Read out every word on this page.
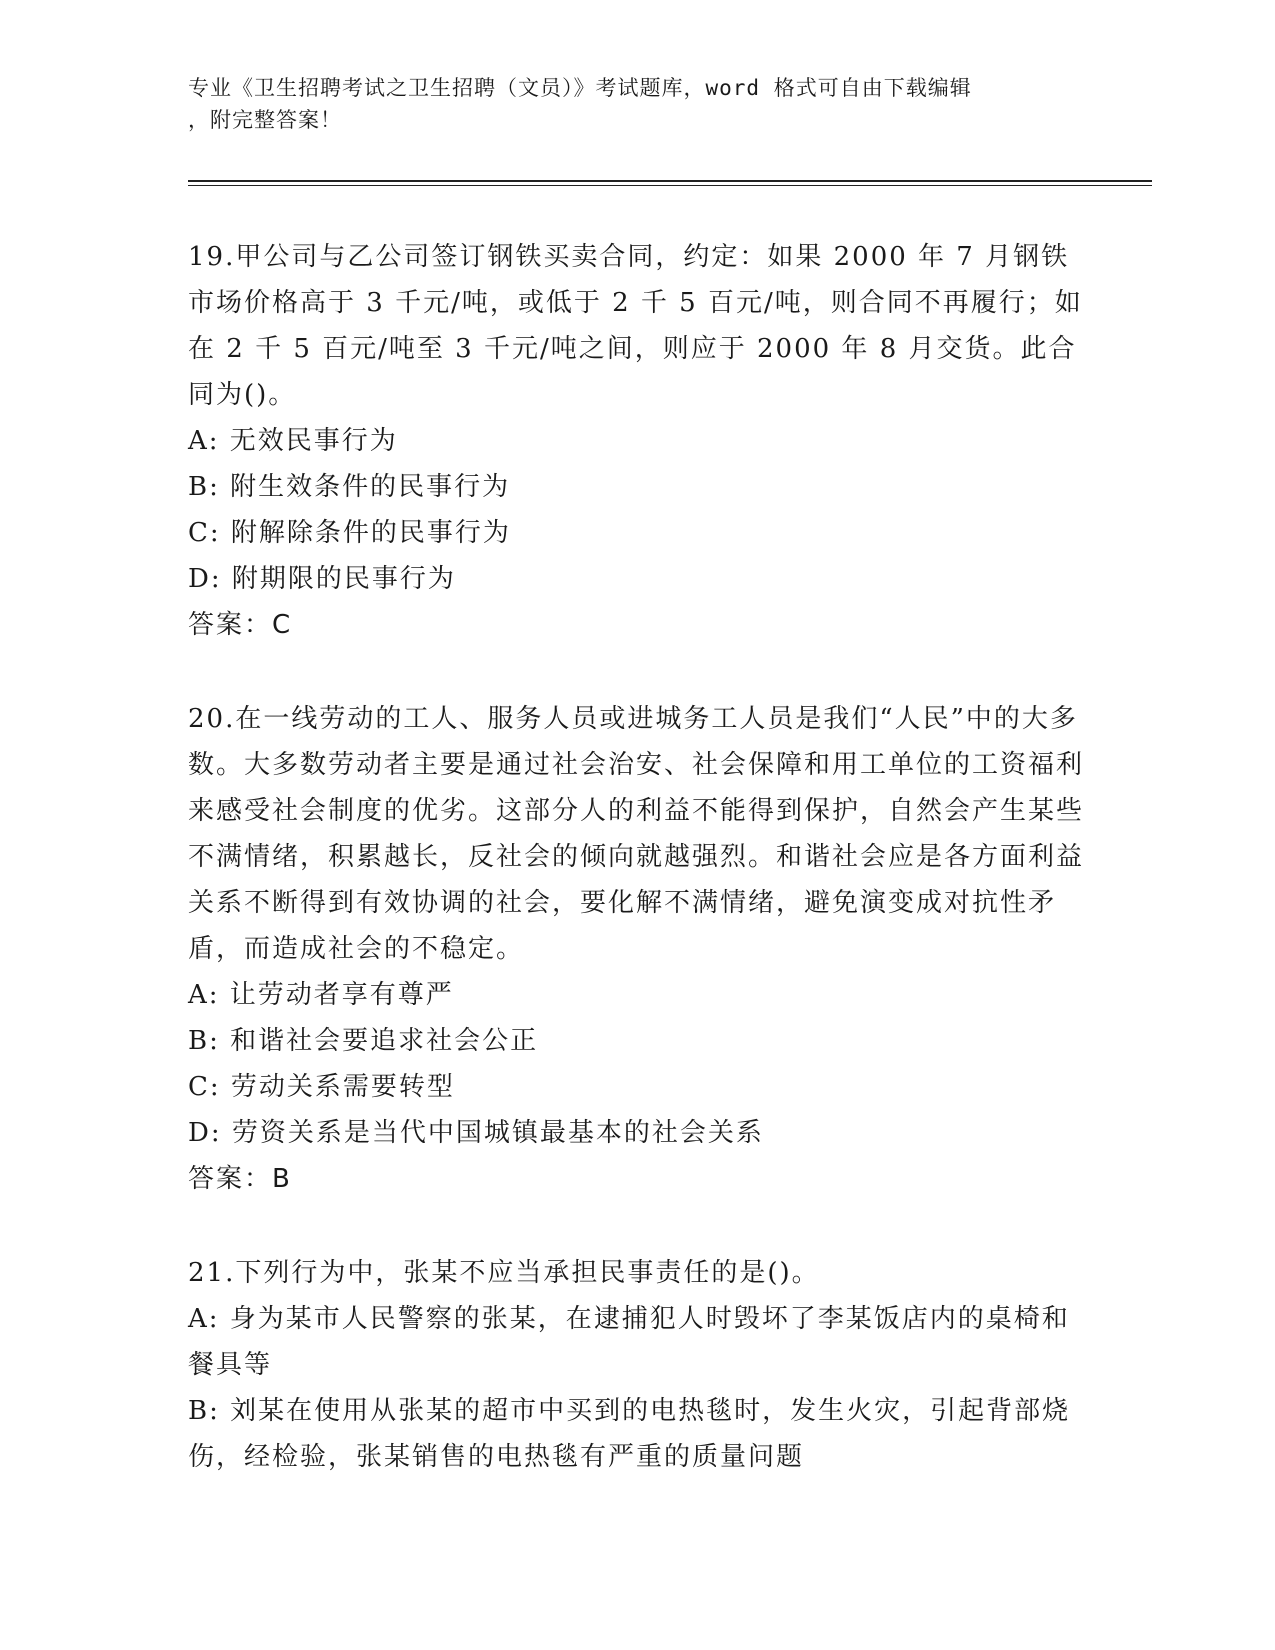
专业《卫生招聘考试之卫生招聘（文员）》考试题库，word 格式可自由下载编辑
，附完整答案！

19.甲公司与乙公司签订钢铁买卖合同，约定：如果 2000 年 7 月钢铁市场价格高于 3 千元/吨，或低于 2 千 5 百元/吨，则合同不再履行；如在 2 千 5 百元/吨至 3 千元/吨之间，则应于 2000 年 8 月交货。此合同为()。

A: 无效民事行为

B: 附生效条件的民事行为

C: 附解除条件的民事行为

D: 附期限的民事行为

答案：C

20.在一线劳动的工人、服务人员或进城务工人员是我们“人民”中的大多数。大多数劳动者主要是通过社会治安、社会保障和用工单位的工资福利来感受社会制度的优劣。这部分人的利益不能得到保护，自然会产生某些不满情绪，积累越长，反社会的倾向就越强烈。和谐社会应是各方面利益关系不断得到有效协调的社会，要化解不满情绪，避免演变成对抗性矛盾，而造成社会的不稳定。

A: 让劳动者享有尊严

B: 和谐社会要追求社会公正

C: 劳动关系需要转型

D: 劳资关系是当代中国城镇最基本的社会关系

答案：B

21.下列行为中，张某不应当承担民事责任的是()。

A: 身为某市人民警察的张某，在逮捕犯人时毁坏了李某饭店内的桌椅和餐具等

B: 刘某在使用从张某的超市中买到的电热毯时，发生火灾，引起背部烧伤，经检验，张某销售的电热毯有严重的质量问题
